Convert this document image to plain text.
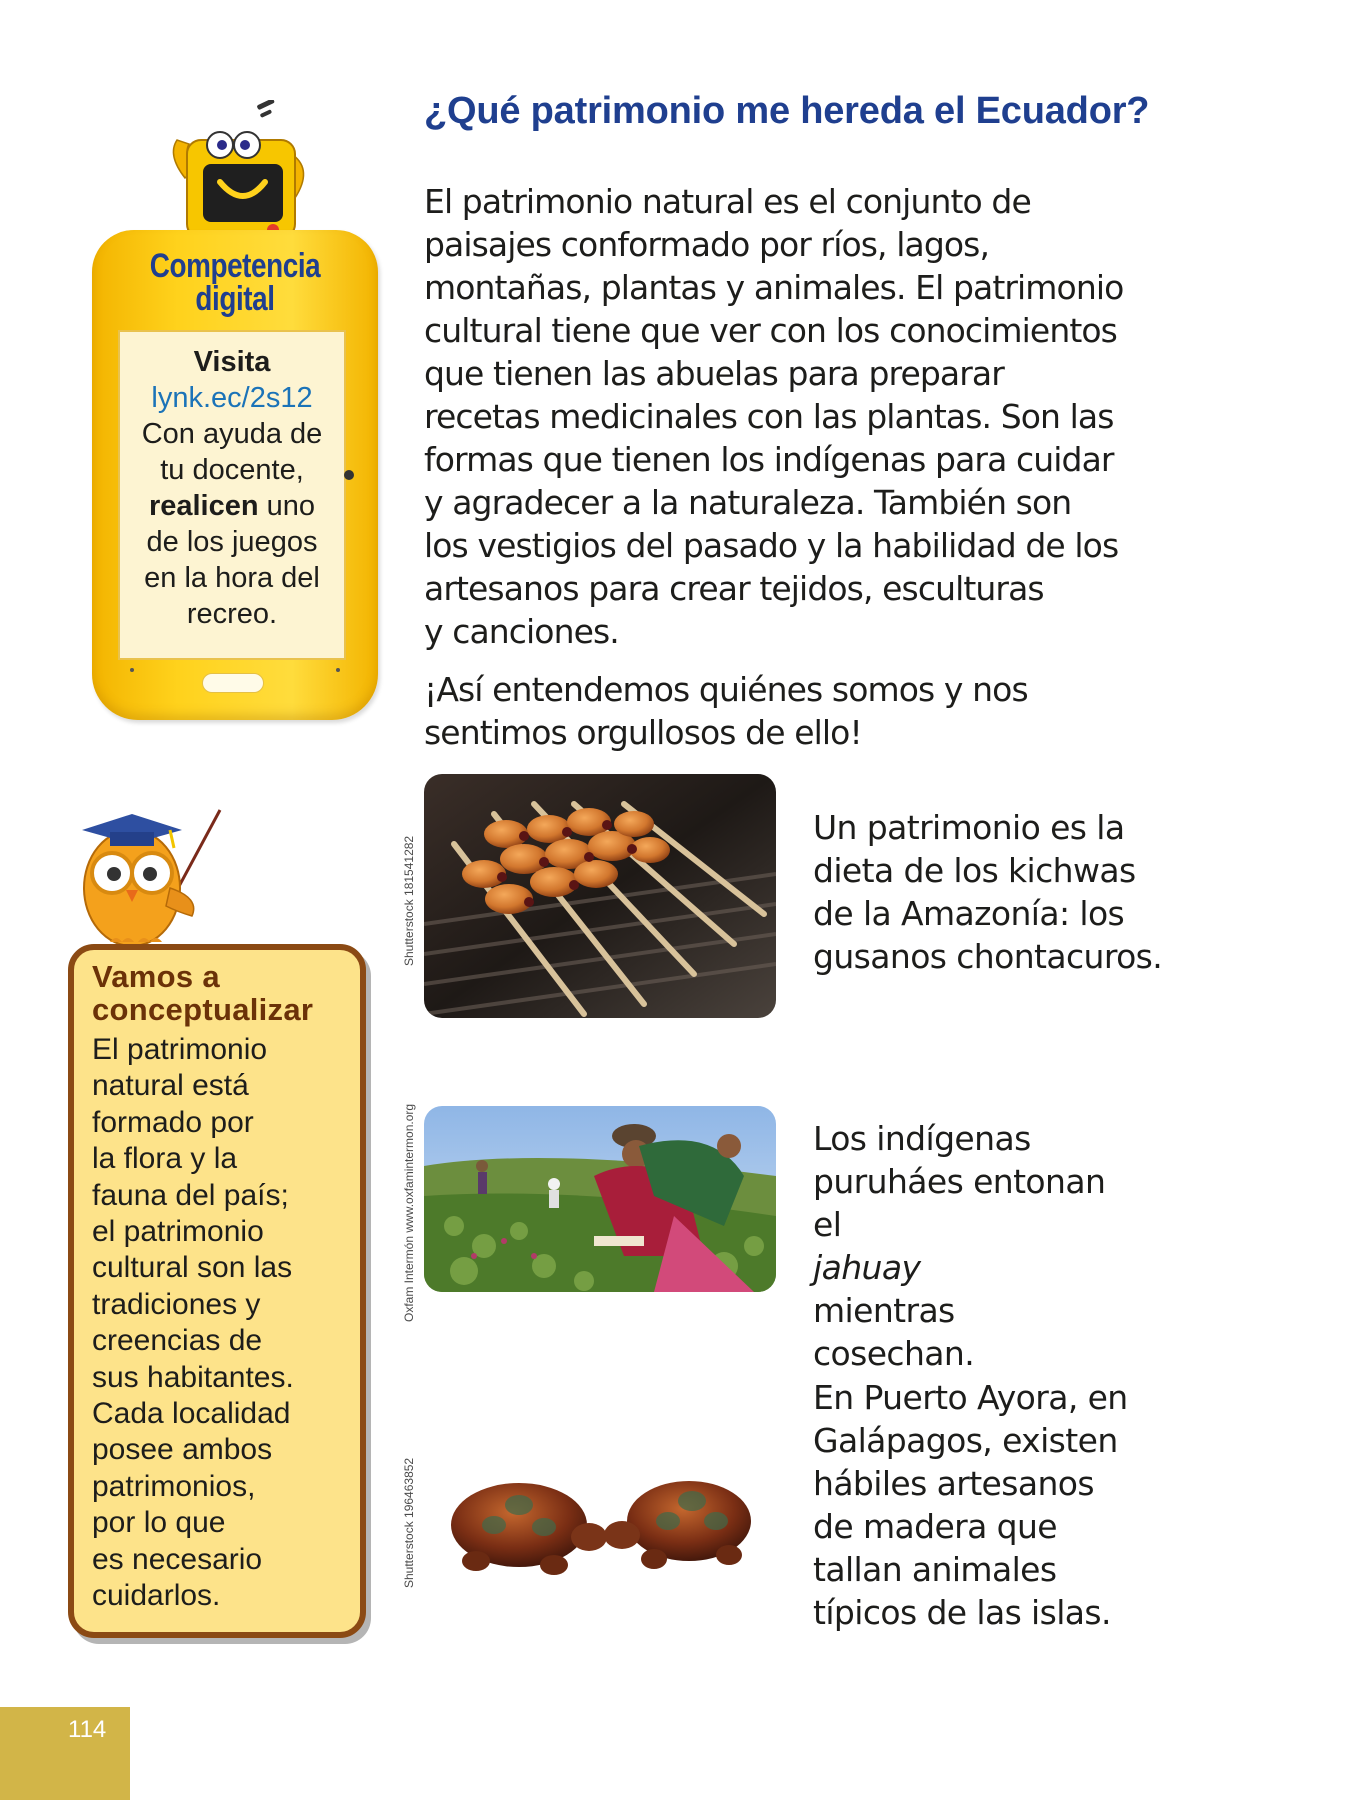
Competencia
digital
Visita
lynk.ec/2s12
Con ayuda de
tu docente,
realicen uno
de los juegos
en la hora del
recreo.
Vamos a
conceptualizar
El patrimonio
natural está
formado por
la flora y la
fauna del país;
el patrimonio
cultural son las
tradiciones y
creencias de
sus habitantes.
Cada localidad
posee ambos
patrimonios,
por lo que
es necesario
cuidarlos.
114
¿Qué patrimonio me hereda el Ecuador?
El patrimonio natural es el conjunto de
paisajes conformado por ríos, lagos,
montañas, plantas y animales. El patrimonio
cultural tiene que ver con los conocimientos
que tienen las abuelas para preparar
recetas medicinales con las plantas. Son las
formas que tienen los indígenas para cuidar
y agradecer a la naturaleza. También son
los vestigios del pasado y la habilidad de los
artesanos para crear tejidos, esculturas
y canciones.
¡Así entendemos quiénes somos y nos
sentimos orgullosos de ello!
Shutterstock 181541282
Un patrimonio es la
dieta de los kichwas
de la Amazonía: los
gusanos chontacuros.
Oxfam Intermón www.oxfamintermon.org	Los indígenas
puruháes entonan
el
jahuay
mientras
cosechan.
Shutterstock 196463852
En Puerto Ayora, en
Galápagos, existen
hábiles artesanos
de madera que
tallan animales
típicos de las islas.
